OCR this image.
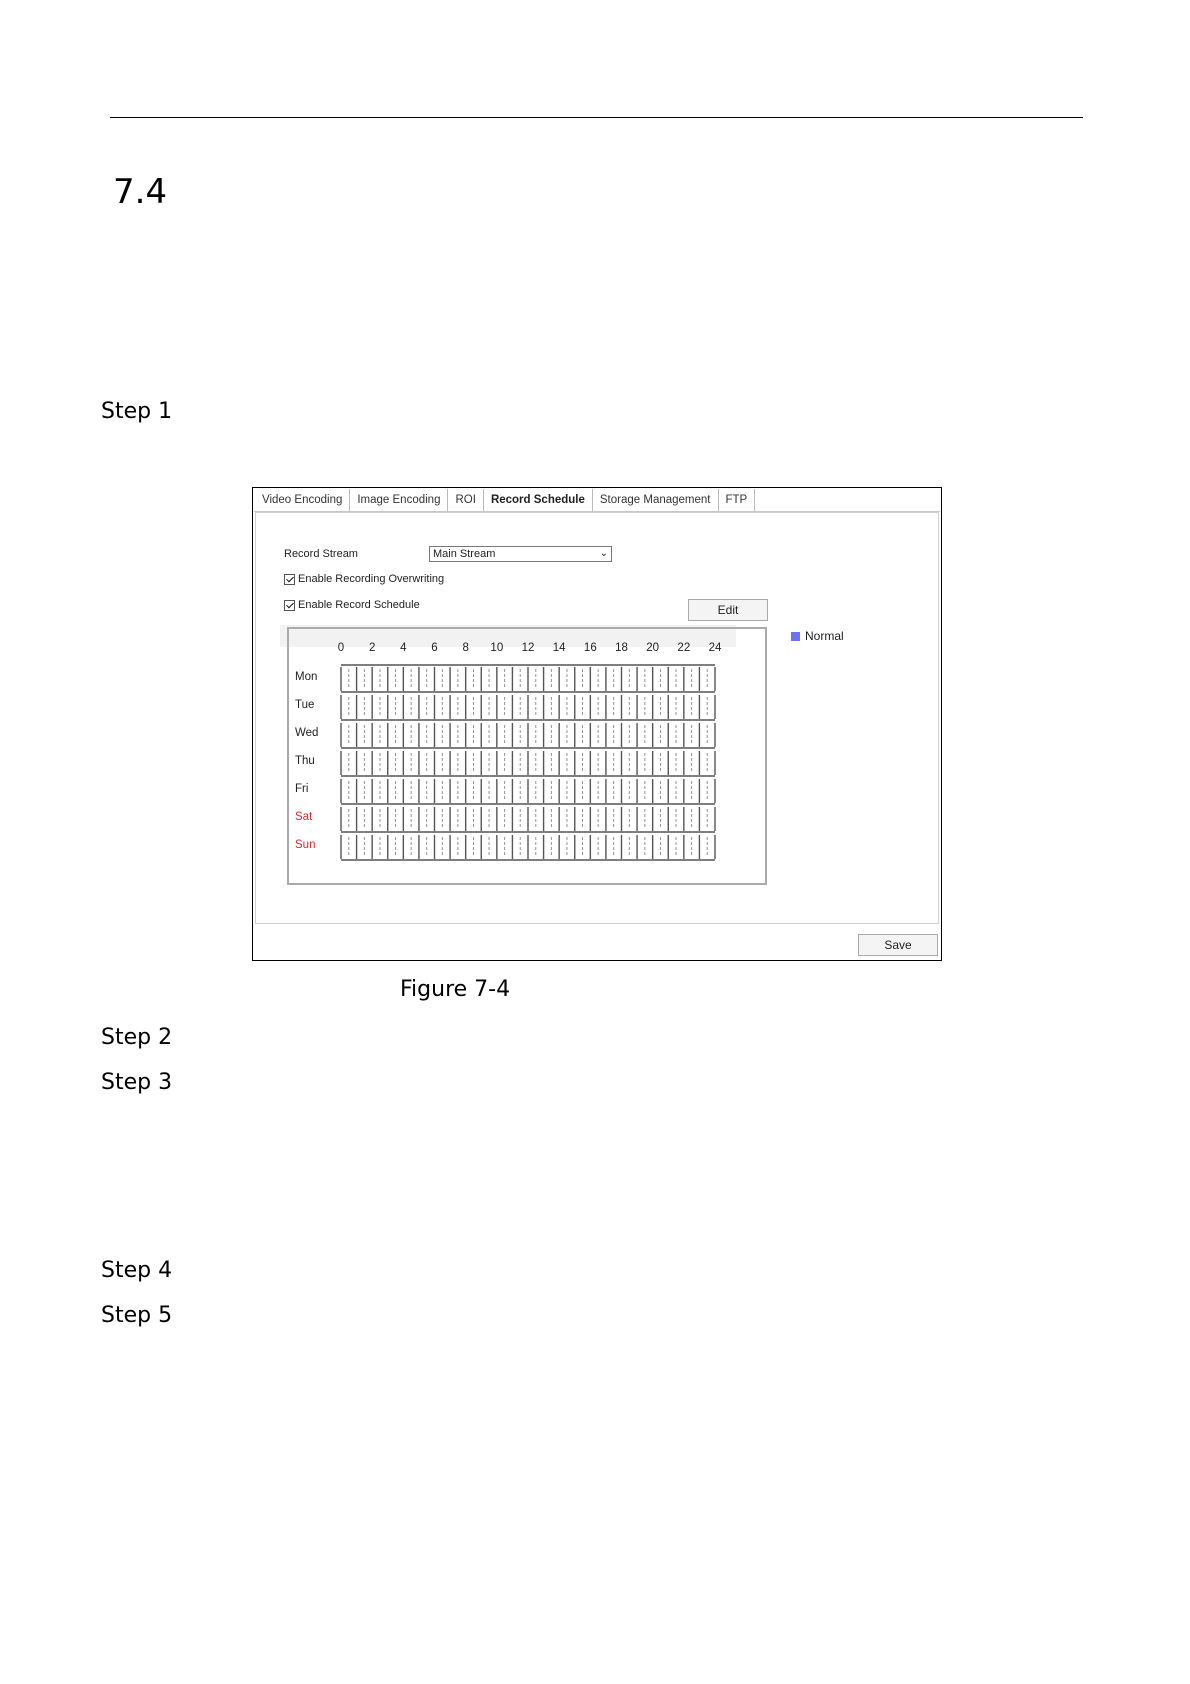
7.4
Step 1
Video Encoding	Image Encoding	ROI	Record Schedule	Storage Management	FTP
Record Stream	Main Stream	⌄
Enable Recording Overwriting
Enable Record Schedule	Edit
Normal
0 2 4 6 8 10 12 14 16 18 20 22 24
Mon
Tue
Wed
Thu
Fri
Sat
Sun
Save
Figure 7-4
Step 2
Step 3
Step 4
Step 5
